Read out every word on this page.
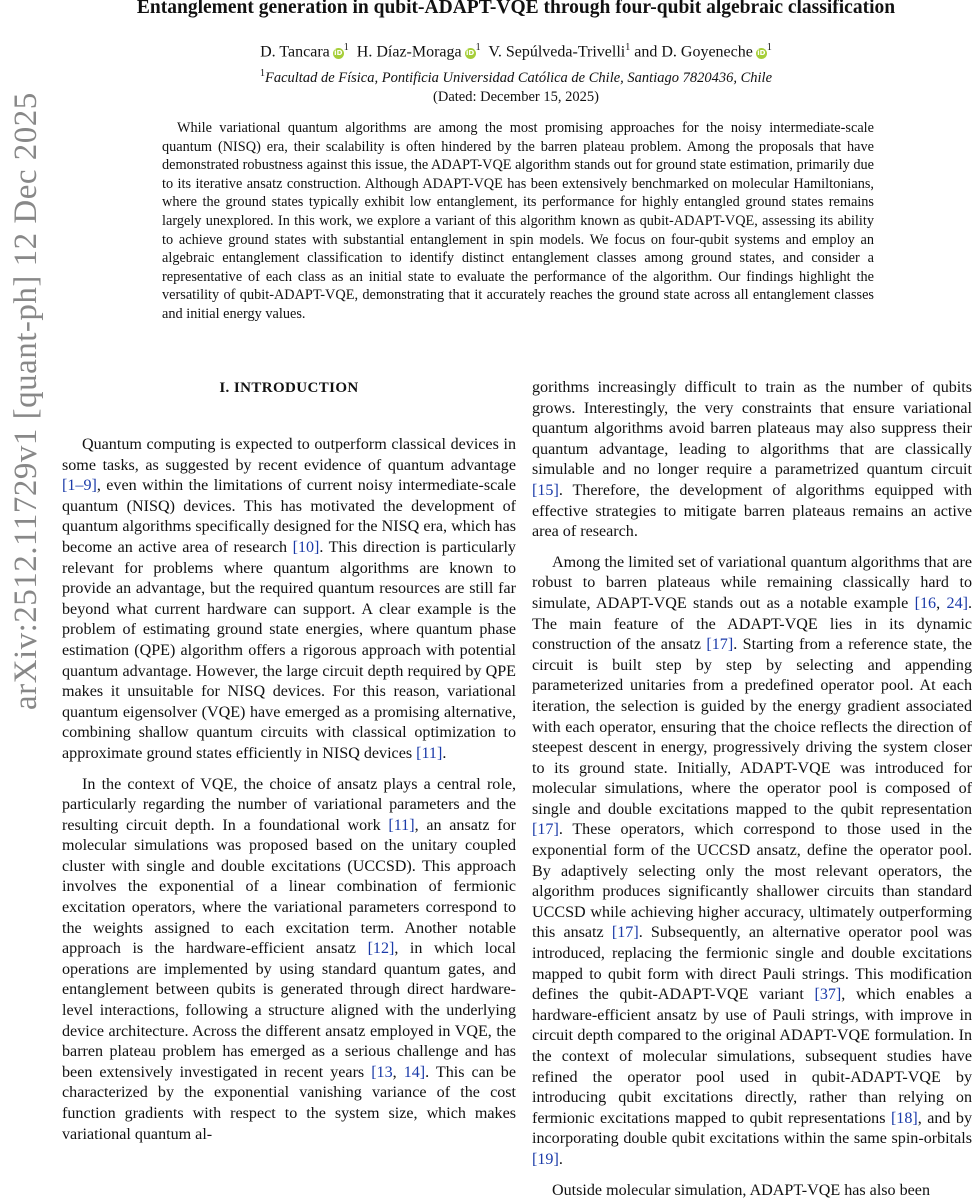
arXiv:2512.11729v1 [quant-ph] 12 Dec 2025
Entanglement generation in qubit-ADAPT-VQE through four-qubit algebraic classification
D. Tancara $iD^1$ H. Díaz-Moraga $iD^1$ V. Sepúlveda-Trivelli$^1$ and D. Goyeneche $iD^1$
$^1$Facultad de Física, Pontificia Universidad Católica de Chile, Santiago 7820436, Chile
(Dated: December 15, 2025)
While variational quantum algorithms are among the most promising approaches for the noisy intermediate-scale quantum (NISQ) era, their scalability is often hindered by the barren plateau problem. Among the proposals that have demonstrated robustness against this issue, the ADAPT-VQE algorithm stands out for ground state estimation, primarily due to its iterative ansatz construction. Although ADAPT-VQE has been extensively benchmarked on molecular Hamiltonians, where the ground states typically exhibit low entanglement, its performance for highly entangled ground states remains largely unexplored. In this work, we explore a variant of this algorithm known as qubit-ADAPT-VQE, assessing its ability to achieve ground states with substantial entanglement in spin models. We focus on four-qubit systems and employ an algebraic entanglement classification to identify distinct entanglement classes among ground states, and consider a representative of each class as an initial state to evaluate the performance of the algorithm. Our findings highlight the versatility of qubit-ADAPT-VQE, demonstrating that it accurately reaches the ground state across all entanglement classes and initial energy values.
I. INTRODUCTION

Quantum computing is expected to outperform classical devices in some tasks, as suggested by recent evidence of quantum advantage [1–9], even within the limitations of current noisy intermediate-scale quantum (NISQ) devices. This has motivated the development of quantum algorithms specifically designed for the NISQ era, which has become an active area of research [10]. This direction is particularly relevant for problems where quantum algorithms are known to provide an advantage, but the required quantum resources are still far beyond what current hardware can support. A clear example is the problem of estimating ground state energies, where quantum phase estimation (QPE) algorithm offers a rigorous approach with potential quantum advantage. However, the large circuit depth required by QPE makes it unsuitable for NISQ devices. For this reason, variational quantum eigensolver (VQE) have emerged as a promising alternative, combining shallow quantum circuits with classical optimization to approximate ground states efficiently in NISQ devices [11].

In the context of VQE, the choice of ansatz plays a central role, particularly regarding the number of variational parameters and the resulting circuit depth. In a foundational work [11], an ansatz for molecular simulations was proposed based on the unitary coupled cluster with single and double excitations (UCCSD). This approach involves the exponential of a linear combination of fermionic excitation operators, where the variational parameters correspond to the weights assigned to each excitation term. Another notable approach is the hardware-efficient ansatz [12], in which local operations are implemented by using standard quantum gates, and entanglement between qubits is generated through direct hardware-level interactions, following a structure aligned with the underlying device architecture. Across the different ansatz employed in VQE, the barren plateau problem has emerged as a serious challenge and has been extensively investigated in recent years [13, 14]. This can be characterized by the exponential vanishing variance of the cost function gradients with respect to the system size, which makes variational quantum al-

gorithms increasingly difficult to train as the number of qubits grows. Interestingly, the very constraints that ensure variational quantum algorithms avoid barren plateaus may also suppress their quantum advantage, leading to algorithms that are classically simulable and no longer require a parametrized quantum circuit [15]. Therefore, the development of algorithms equipped with effective strategies to mitigate barren plateaus remains an active area of research.

Among the limited set of variational quantum algorithms that are robust to barren plateaus while remaining classically hard to simulate, ADAPT-VQE stands out as a notable example [16, 24]. The main feature of the ADAPT-VQE lies in its dynamic construction of the ansatz [17]. Starting from a reference state, the circuit is built step by step by selecting and appending parameterized unitaries from a predefined operator pool. At each iteration, the selection is guided by the energy gradient associated with each operator, ensuring that the choice reflects the direction of steepest descent in energy, progressively driving the system closer to its ground state. Initially, ADAPT-VQE was introduced for molecular simulations, where the operator pool is composed of single and double excitations mapped to the qubit representation [17]. These operators, which correspond to those used in the exponential form of the UCCSD ansatz, define the operator pool. By adaptively selecting only the most relevant operators, the algorithm produces significantly shallower circuits than standard UCCSD while achieving higher accuracy, ultimately outperforming this ansatz [17]. Subsequently, an alternative operator pool was introduced, replacing the fermionic single and double excitations mapped to qubit form with direct Pauli strings. This modification defines the qubit-ADAPT-VQE variant [37], which enables a hardware-efficient ansatz by use of Pauli strings, with improve in circuit depth compared to the original ADAPT-VQE formulation. In the context of molecular simulations, subsequent studies have refined the operator pool used in qubit-ADAPT-VQE by introducing qubit excitations directly, rather than relying on fermionic excitations mapped to qubit representations [18], and by incorporating double qubit excitations within the same spin-orbitals [19].

Outside molecular simulation, ADAPT-VQE has also been
